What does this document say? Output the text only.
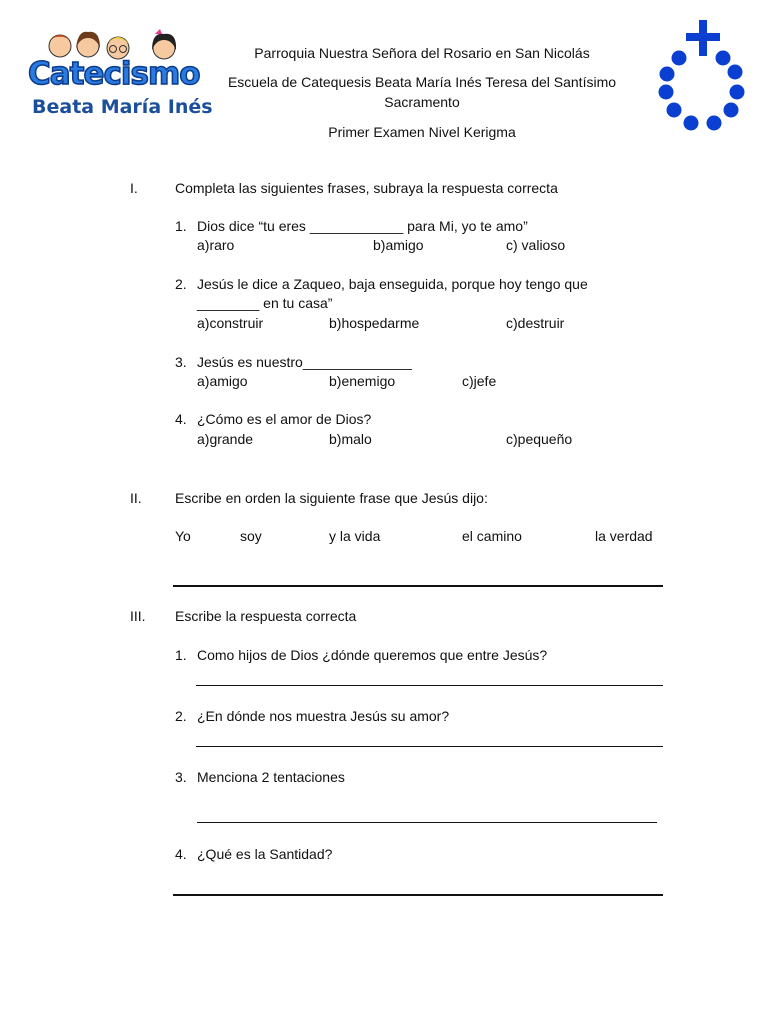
Catecismo
Beata María Inés
Parroquia Nuestra Señora del Rosario en San Nicolás
Escuela de Catequesis Beata María Inés Teresa del Santísimo
Sacramento
Primer Examen Nivel Kerigma
I.	Completa las siguientes frases, subraya la respuesta correcta
1. Dios dice “tu eres ____________ para Mi, yo te amo”
a)raro	b)amigo	c) valioso
2. Jesús le dice a Zaqueo, baja enseguida, porque hoy tengo que
________ en tu casa”
a)construir	b)hospedarme	c)destruir
3. Jesús es nuestro______________
a)amigo	b)enemigo	c)jefe
4. ¿Cómo es el amor de Dios?
a)grande	b)malo	c)pequeño
II. Escribe en orden la siguiente frase que Jesús dijo:
Yo	soy	y la vida	el camino	la verdad
III. Escribe la respuesta correcta
1. Como hijos de Dios ¿dónde queremos que entre Jesús?
2. ¿En dónde nos muestra Jesús su amor?
3. Menciona 2 tentaciones
4. ¿Qué es la Santidad?
